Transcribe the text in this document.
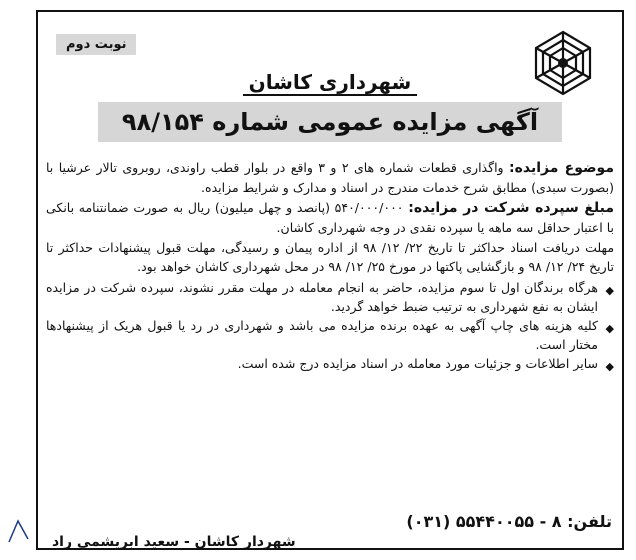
نوبت دوم
شهرداری کاشان
آگهی مزایده عمومی شماره ۹۸/۱۵۴

موضوع مزایده: واگذاری قطعات شماره های ۲ و ۳ واقع در بلوار قطب راوندی، روبروی تالار عرشیا با (بصورت سبدی) مطابق شرح خدمات مندرج در اسناد و مدارک و شرایط مزایده.

مبلغ سپرده شرکت در مزایده: ۵۴۰/۰۰۰/۰۰۰ (پانصد و چهل میلیون) ریال به صورت ضمانتنامه بانکی با اعتبار حداقل سه ماهه یا سپرده نقدی در وجه شهرداری کاشان.

مهلت دریافت اسناد حداکثر تا تاریخ ۲۲/ ۱۲/ ۹۸ از اداره پیمان و رسیدگی، مهلت قبول پیشنهادات حداکثر تا تاریخ ۲۴/ ۱۲/ ۹۸ و بازگشایی پاکتها در مورخ ۲۵/ ۱۲/ ۹۸ در محل شهرداری کاشان خواهد بود.

◆
هرگاه برندگان اول تا سوم مزایده، حاضر به انجام معامله در مهلت مقرر نشوند، سپرده شرکت در مزایده ایشان به نفع شهرداری به ترتیب ضبط خواهد گردید.
◆
کلیه هزینه های چاپ آگهی به عهده برنده مزایده می باشد و شهرداری در رد یا قبول هریک از پیشنهادها مختار است.
◆
سایر اطلاعات و جزئیات مورد معامله در اسناد مزایده درج شده است.
تلفن: (۰۳۱) ۵۵۴۴۰۰۵۵ - ۸
شهردار کاشان - سعید ابریشمی راد
